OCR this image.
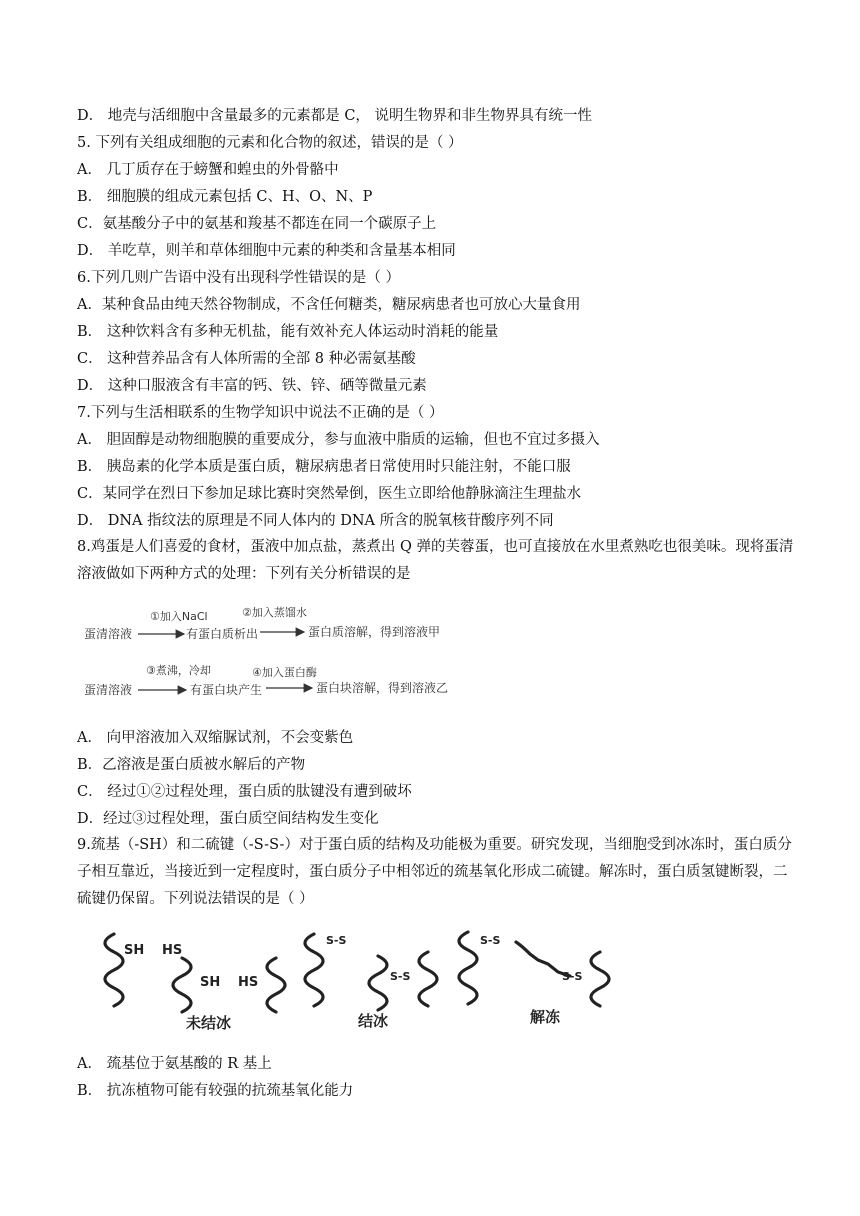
D． 地壳与活细胞中含量最多的元素都是 C， 说明生物界和非生物界具有统一性
5. 下列有关组成细胞的元素和化合物的叙述，错误的是（ ）
A． 几丁质存在于螃蟹和蝗虫的外骨骼中
B． 细胞膜的组成元素包括 C、H、O、N、P
C．氨基酸分子中的氨基和羧基不都连在同一个碳原子上
D． 羊吃草，则羊和草体细胞中元素的种类和含量基本相同
6.下列几则广告语中没有出现科学性错误的是（ ）
A．某种食品由纯天然谷物制成，不含任何糖类，糖尿病患者也可放心大量食用
B． 这种饮料含有多种无机盐，能有效补充人体运动时消耗的能量
C． 这种营养品含有人体所需的全部 8 种必需氨基酸
D． 这种口服液含有丰富的钙、铁、锌、硒等微量元素
7.下列与生活相联系的生物学知识中说法不正确的是（ ）
A． 胆固醇是动物细胞膜的重要成分，参与血液中脂质的运输，但也不宜过多摄入
B． 胰岛素的化学本质是蛋白质，糖尿病患者日常使用时只能注射，不能口服
C．某同学在烈日下参加足球比赛时突然晕倒，医生立即给他静脉滴注生理盐水
D． DNA 指纹法的原理是不同人体内的 DNA 所含的脱氧核苷酸序列不同
8.鸡蛋是人们喜爱的食材，蛋液中加点盐，蒸煮出 Q 弹的芙蓉蛋，也可直接放在水里煮熟吃也很美味。现将蛋清溶液做如下两种方式的处理：下列有关分析错误的是
蛋清溶液
①加入NaCl
有蛋白质析出
②加入蒸馏水
蛋白质溶解，得到溶液甲
蛋清溶液
③煮沸，冷却
有蛋白块产生
④加入蛋白酶
蛋白块溶解，得到溶液乙
A． 向甲溶液加入双缩脲试剂，不会变紫色
B．乙溶液是蛋白质被水解后的产物
C． 经过①②过程处理，蛋白质的肽键没有遭到破坏
D．经过③过程处理，蛋白质空间结构发生变化
9.巯基（-SH）和二硫键（-S-S-）对于蛋白质的结构及功能极为重要。研究发现，当细胞受到冰冻时，蛋白质分子相互靠近，当接近到一定程度时，蛋白质分子中相邻近的巯基氧化形成二硫键。解冻时，蛋白质氢键断裂，二硫键仍保留。下列说法错误的是（ ）
SH HS
SH HS
S-S
S-S
S-S
S-S
未结冰	结冰	解冻
A． 巯基位于氨基酸的 R 基上
B． 抗冻植物可能有较强的抗巯基氧化能力
